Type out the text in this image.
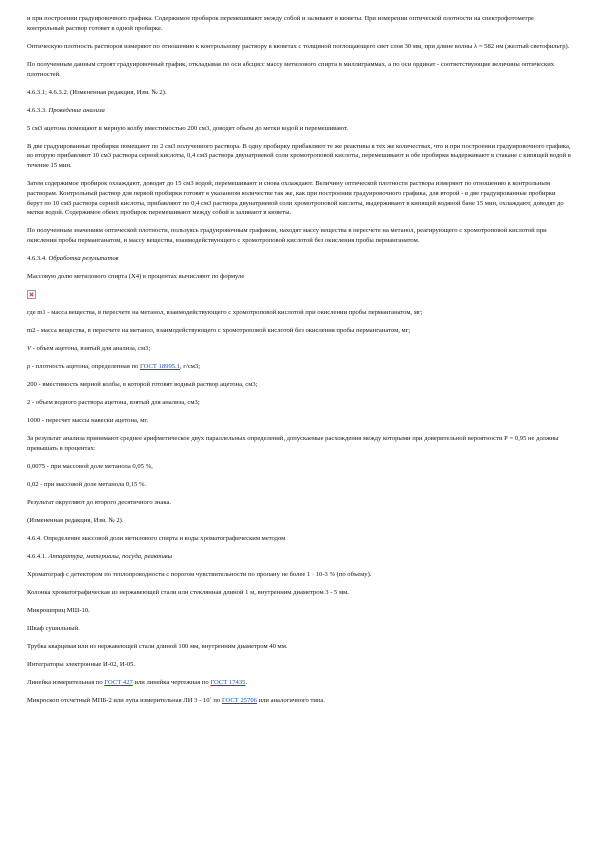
и при построении градуировочного графика. Содержимое пробирок перемешивают между собой и заливают в кюветы. При измерении оптической плотности на спектрофотометре контрольный раствор готовят в одной пробирке.

Оптическую плотность растворов измеряют по отношению к контрольному раствору в кюветах с толщиной поглощающего свет слоя 30 мм, при длине волны λ = 582 нм (желтый светофильтр).

По полученным данным строят градуировочный график, откладывая по оси абсцисс массу метилового спирта в миллиграммах, а по оси ординат - соответствующие величины оптических плотностей.

4.6.3.1; 4.6.3.2. (Измененная редакция, Изм. № 2).

4.6.3.3. Проведение анализа

5 см3 ацетона помещают в мерную колбу вместимостью 200 см3, доводят объем до метки водой и перемешивают.

В две градуированные пробирки помещают по 2 см3 полученного раствора. В одну пробирку прибавляют те же реактивы в тех же количествах, что и при построении градуировочного графика, во вторую прибавляют 10 см3 раствора серной кислоты, 0,4 см3 раствора двунатриевой соли хромотроповой кислоты, перемешивают и обе пробирки выдерживают в стакане с кипящей водой в течение 15 мин.

Затем содержимое пробирок охлаждают, доводят до 15 см3 водой, перемешивают и снова охлаждают. Величину оптической плотности раствора измеряют по отношению к контрольным растворам. Контрольный раствор для первой пробирки готовят в указанном количестве так же, как при построении градуировочного графика, для второй - в две градуированные пробирки берут по 10 см3 раствора серной кислоты, прибавляют по 0,4 см3 раствора двунатриевой соли хромотроповой кислоты, выдерживают в кипящей водяной бане 15 мин, охлаждают, доводят до метки водой. Содержимое обеих пробирок перемешивают между собой и заливают в кюветы.

По полученным значениям оптической плотности, пользуясь градуировочным графиком, находят массу вещества в пересчете на метанол, реагирующего с хромотроповой кислотой при окислении пробы перманганатом, и массу вещества, взаимодействующего с хромотроповой кислотой без окисления пробы перманганатом.

4.6.3.4. Обработка результатов

Массовую долю метилового спирта (X4) в процентах вычисляют по формуле

где m1 - масса вещества, в пересчете на метанол, взаимодействующего с хромотроповой кислотой при окислении пробы перманганатом, мг;

m2 - масса вещества, в пересчете на метанол, взаимодействующего с хромотроповой кислотой без окисления пробы перманганатом, мг;

V - объем ацетона, взятый для анализа, см3;

ρ - плотность ацетона, определенная по ГОСТ 18995.1, г/см3;

200 - вместимость мерной колбы, в которой готовят водный раствор ацетона, см3;

2 - объем водного раствора ацетона, взятый для анализа, см3;

1000 - пересчет массы навески ацетона, мг.

За результат анализа принимают среднее арифметическое двух параллельных определений, допускаемые расхождения между которыми при доверительной вероятности Р = 0,95 не должны превышать в процентах:

0,0075 - при массовой доле метанола 0,05 %,

0,02 - при массовой доле метанола 0,15 %.

Результат округляют до второго десятичного знака.

(Измененная редакция, Изм. № 2).

4.6.4. Определение массовой доли метилового спирта и воды хроматографическим методом

4.6.4.1. Аппаратура, материалы, посуда, реактивы

Хроматограф с детектором по теплопроводности с порогом чувствительности по пропану не более 1 · 10-3 % (по объему).

Колонка хроматографическая из нержавеющей стали или стеклянная длиной 1 м, внутренним диаметром 3 - 5 мм.

Микрошприц МШ-10.

Шкаф сушильный.

Трубка кварцевая или из нержавеющей стали длиной 100 мм, внутренним диаметром 40 мм.

Интеграторы электронные И-02, И-05.

Линейка измерительная по ГОСТ 427 или линейка чертежная по ГОСТ 17435.

Микроскоп отсчетный МПБ-2 или лупа измерительная ЛИ 3 - 10´ по ГОСТ 25706 или аналогичного типа.
